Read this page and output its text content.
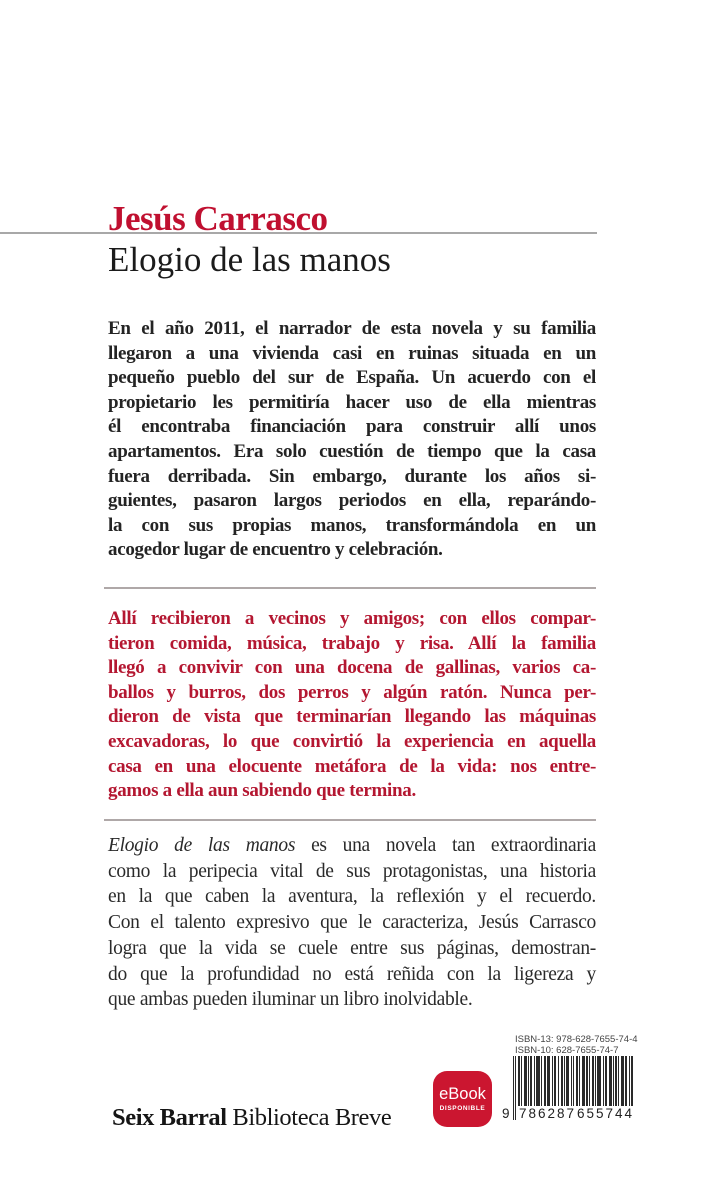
Jesús Carrasco
Elogio de las manos
En el año 2011, el narrador de esta novela y su familia
llegaron a una vivienda casi en ruinas situada en un
pequeño pueblo del sur de España. Un acuerdo con el
propietario les permitiría hacer uso de ella mientras
él encontraba financiación para construir allí unos
apartamentos. Era solo cuestión de tiempo que la casa
fuera derribada. Sin embargo, durante los años si-
guientes, pasaron largos periodos en ella, reparándo-
la con sus propias manos, transformándola en un
acogedor lugar de encuentro y celebración.
Allí recibieron a vecinos y amigos; con ellos compar-
tieron comida, música, trabajo y risa. Allí la familia
llegó a convivir con una docena de gallinas, varios ca-
ballos y burros, dos perros y algún ratón. Nunca per-
dieron de vista que terminarían llegando las máquinas
excavadoras, lo que convirtió la experiencia en aquella
casa en una elocuente metáfora de la vida: nos entre-
gamos a ella aun sabiendo que termina.
Elogio de las manos es una novela tan extraordinaria
como la peripecia vital de sus protagonistas, una historia
en la que caben la aventura, la reflexión y el recuerdo.
Con el talento expresivo que le caracteriza, Jesús Carrasco
logra que la vida se cuele entre sus páginas, demostran-
do que la profundidad no está reñida con la ligereza y
que ambas pueden iluminar un libro inolvidable.
ISBN-13: 978-628-7655-74-4
ISBN-10: 628-7655-74-7
9 786287 655744
eBook
DISPONIBLE
Seix Barral Biblioteca Breve
